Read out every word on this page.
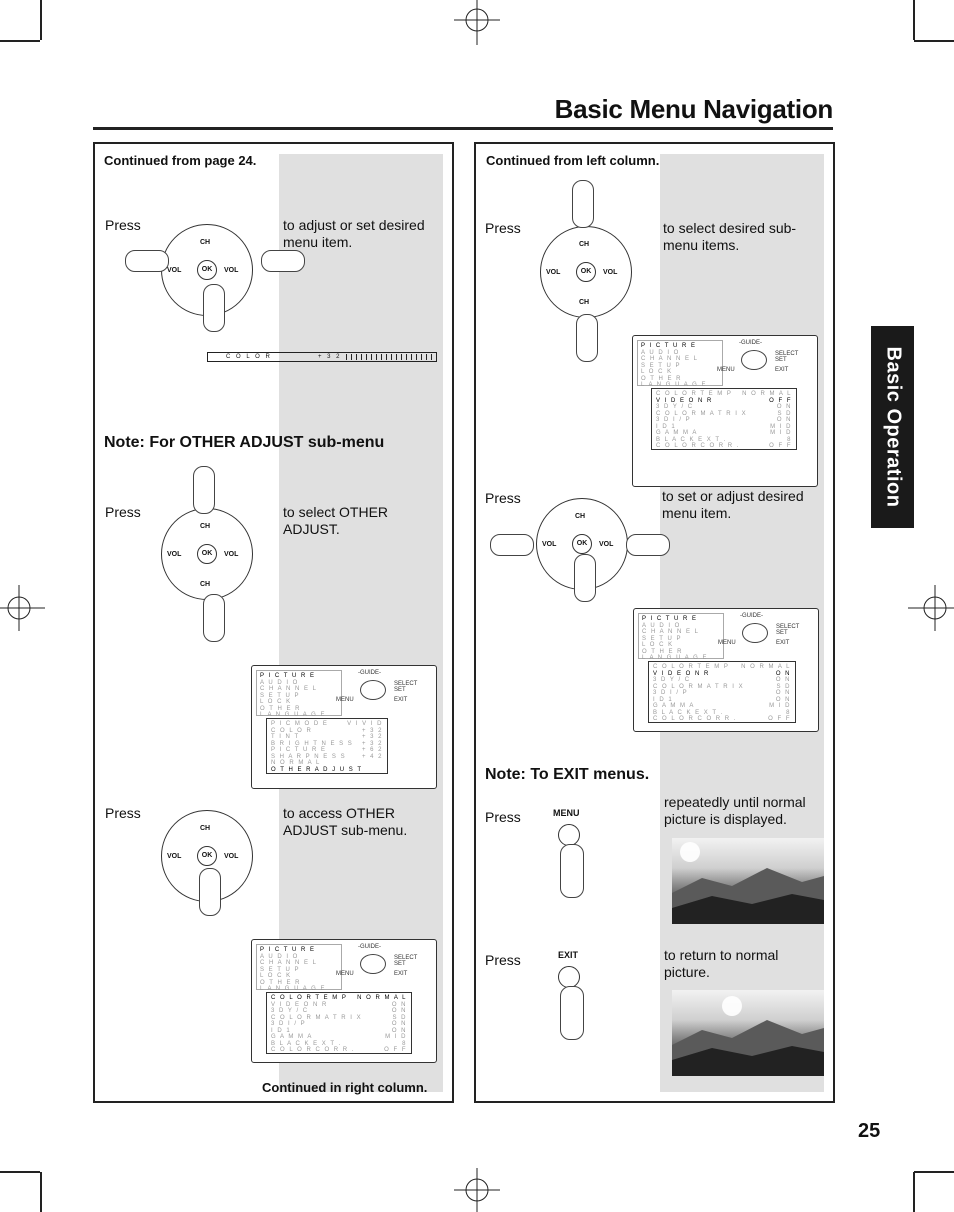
Basic Menu Navigation
Basic Operation
25
Continued from page 24.
Press	to adjust or set desired menu item.
CH
VOL	VOL
OK
C O L O R	+ 3 2
Note: For OTHER ADJUST sub-menu
Press	to select OTHER ADJUST.
CH
CH
VOL	VOL
OK
P I C T U R E
A U D I O
C H A N N E L
S E T U P
L O C K
O T H E R
L A N G U A G E
-GUIDE-
SELECT
SET
MENU	EXIT
P I C M O D E	V I V I D
C O L O R	+ 3 2
T I N T	+ 3 2
B R I G H T N E S S + 3 2
P I C T U R E	+ 6 2
S H A R P N E S S	+ 4 2
N O R M A L
O T H E R A D J U S T
Press	to access OTHER ADJUST sub-menu.
CH
VOL	VOL
OK
P I C T U R E
A U D I O
C H A N N E L
S E T U P
L O C K
O T H E R
L A N G U A G E
-GUIDE-
SELECT
SET
MENU	EXIT
C O L O R T E M P N O R M A L
V I D E O N R	O N
3 D Y / C	O N
C O L O R M A T R I X	S D
3 D I / P	O N
I D 1	O N
G A M M A	M I D
B L A C K E X T .	8
C O L O R C O R R .	O F F
Continued in right column.
Continued from left column.
Press	to select desired sub-menu items.
CH
CH
VOL	VOL
OK
P I C T U R E
A U D I O
C H A N N E L
S E T U P
L O C K
O T H E R
L A N G U A G E
-GUIDE-
SELECT
SET
MENU	EXIT
C O L O R T E M P N O R M A L
V I D E O N R	O F F
3 D Y / C	O N
C O L O R M A T R I X	S D
3 D I / P	O N
I D 1	M I D
G A M M A	M I D
B L A C K E X T .	8
C O L O R C O R R .	O F F
Press	to set or adjust desired menu item.
CH
VOL	VOL
OK
P I C T U R E
A U D I O
C H A N N E L
S E T U P
L O C K
O T H E R
L A N G U A G E
-GUIDE-
SELECT
SET
MENU	EXIT
C O L O R T E M P N O R M A L
V I D E O N R	O N
3 D Y / C	O N
C O L O R M A T R I X	S D
3 D I / P	O N
I D 1	O N
G A M M A	M I D
B L A C K E X T .	8
C O L O R C O R R .	O F F
Note: To EXIT menus.
Press
repeatedly until normal picture is displayed.
MENU
Press	to return to normal picture.
EXIT
